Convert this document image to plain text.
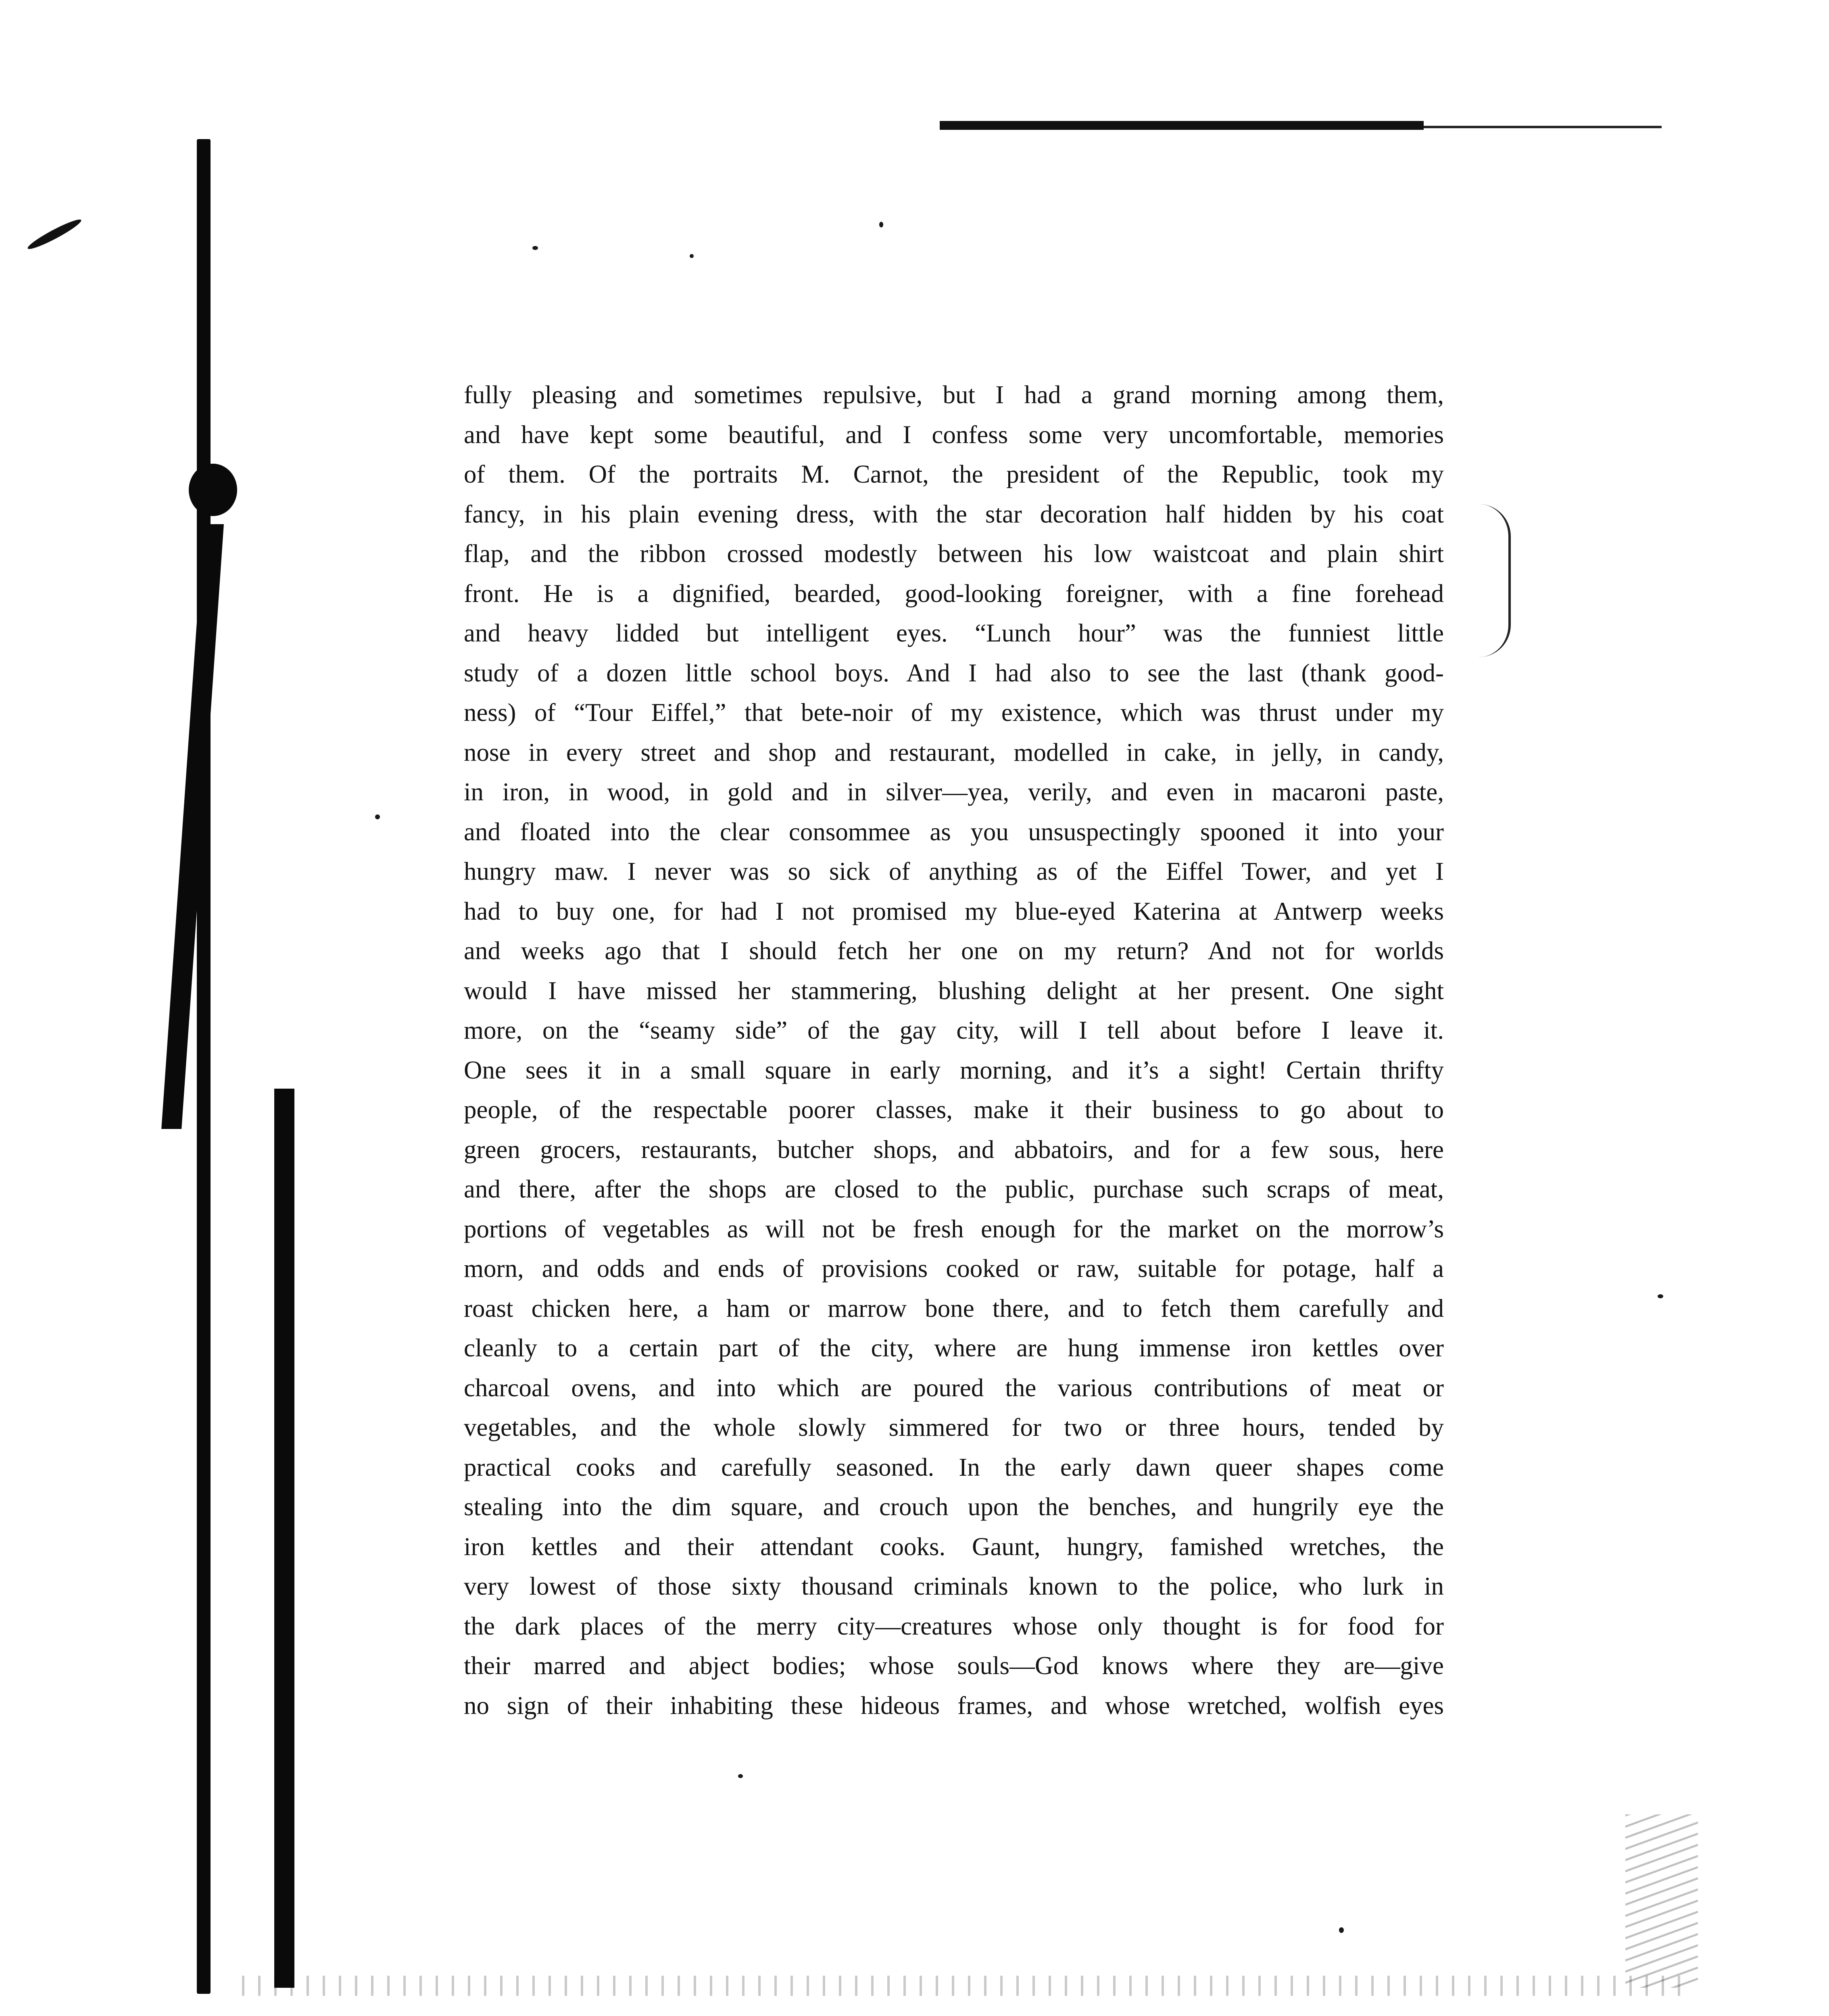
fully pleasing and sometimes repulsive, but I had a grand morning among them,
and have kept some beautiful, and I confess some very uncomfortable, memories
of them. Of the portraits M. Carnot, the president of the Republic, took my
fancy, in his plain evening dress, with the star decoration half hidden by his coat
flap, and the ribbon crossed modestly between his low waistcoat and plain shirt
front. He is a dignified, bearded, good-looking foreigner, with a fine forehead
and heavy lidded but intelligent eyes. “Lunch hour” was the funniest little
study of a dozen little school boys. And I had also to see the last (thank good-
ness) of “Tour Eiffel,” that bete-noir of my existence, which was thrust under my
nose in every street and shop and restaurant, modelled in cake, in jelly, in candy,
in iron, in wood, in gold and in silver—yea, verily, and even in macaroni paste,
and floated into the clear consommee as you unsuspectingly spooned it into your
hungry maw. I never was so sick of anything as of the Eiffel Tower, and yet I
had to buy one, for had I not promised my blue-eyed Katerina at Antwerp weeks
and weeks ago that I should fetch her one on my return? And not for worlds
would I have missed her stammering, blushing delight at her present. One sight
more, on the “seamy side” of the gay city, will I tell about before I leave it.
One sees it in a small square in early morning, and it’s a sight! Certain thrifty
people, of the respectable poorer classes, make it their business to go about to
green grocers, restaurants, butcher shops, and abbatoirs, and for a few sous, here
and there, after the shops are closed to the public, purchase such scraps of meat,
portions of vegetables as will not be fresh enough for the market on the morrow’s
morn, and odds and ends of provisions cooked or raw, suitable for potage, half a
roast chicken here, a ham or marrow bone there, and to fetch them carefully and
cleanly to a certain part of the city, where are hung immense iron kettles over
charcoal ovens, and into which are poured the various contributions of meat or
vegetables, and the whole slowly simmered for two or three hours, tended by
practical cooks and carefully seasoned. In the early dawn queer shapes come
stealing into the dim square, and crouch upon the benches, and hungrily eye the
iron kettles and their attendant cooks. Gaunt, hungry, famished wretches, the
very lowest of those sixty thousand criminals known to the police, who lurk in
the dark places of the merry city—creatures whose only thought is for food for
their marred and abject bodies; whose souls—God knows where they are—give
no sign of their inhabiting these hideous frames, and whose wretched, wolfish eyes
